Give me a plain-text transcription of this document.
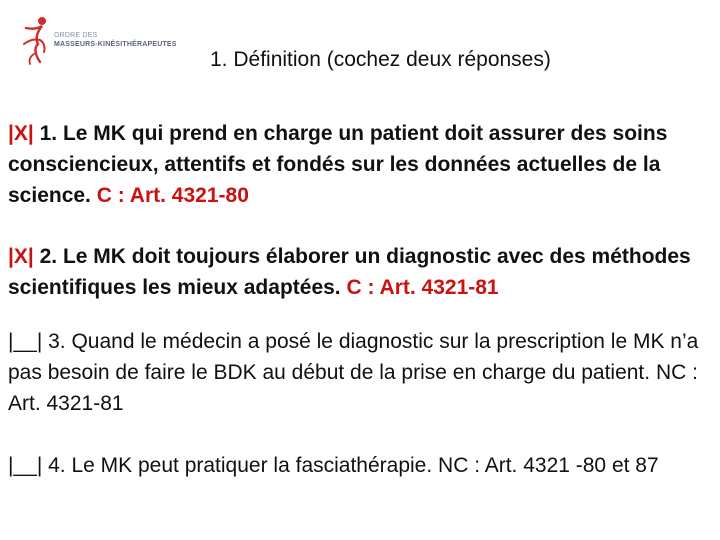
ORDRE DES
MASSEURS-KINÉSITHÉRAPEUTES
1. Définition (cochez deux réponses)
|X| 1. Le MK qui prend en charge un patient doit assurer des soins consciencieux, attentifs et fondés sur les données actuelles de la science. C : Art. 4321-80
|X| 2. Le MK doit toujours élaborer un diagnostic avec des méthodes scientifiques les mieux adaptées. C : Art. 4321-81
|__| 3. Quand le médecin a posé le diagnostic sur la prescription le MK n’a pas besoin de faire le BDK au début de la prise en charge du patient. NC : Art. 4321-81
|__| 4. Le MK peut pratiquer la fasciathérapie. NC : Art. 4321 -80 et 87
